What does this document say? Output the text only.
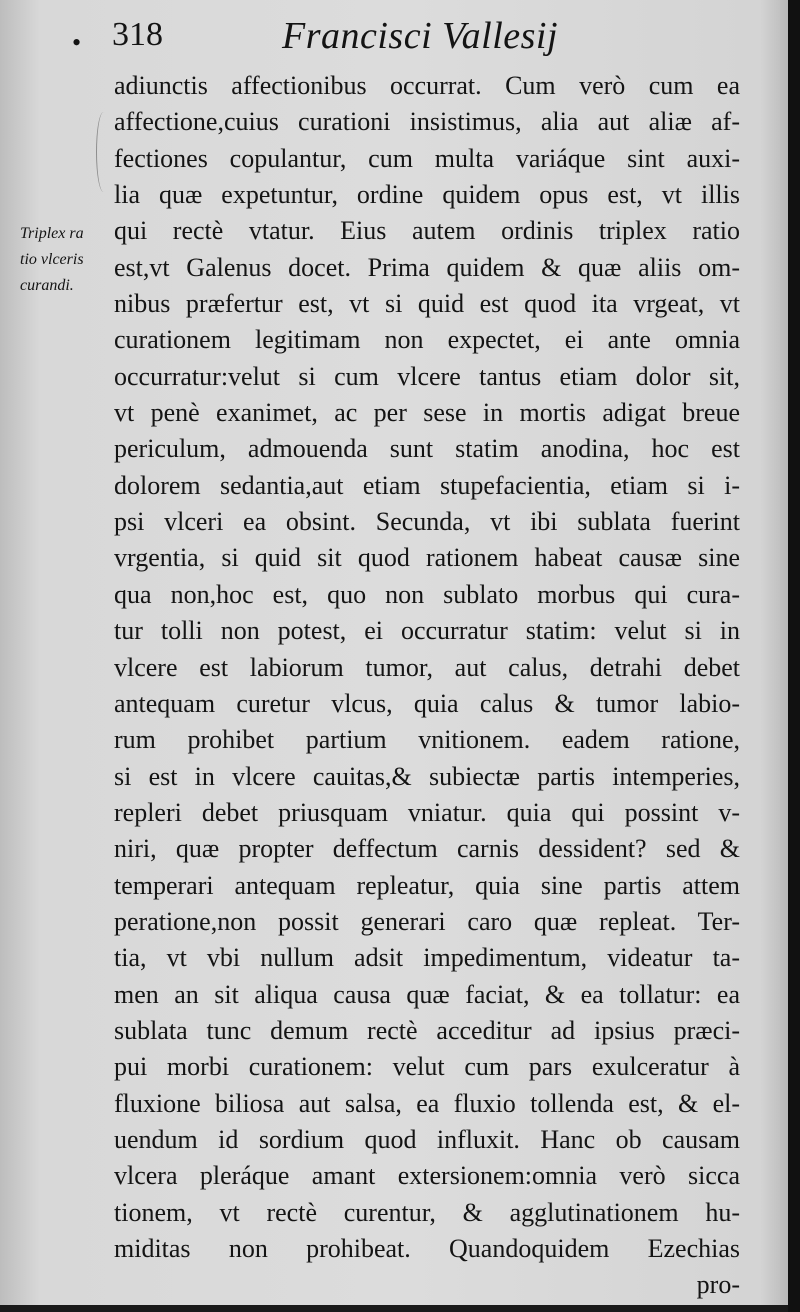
• 318	Francisci Vallesij
Triplex ra
tio vlceris
curandi.
adiunctis affectionibus occurrat. Cum verò cum ea
affectione,cuius curationi insistimus, alia aut aliæ af-
fectiones copulantur, cum multa variáque sint auxi-
lia quæ expetuntur, ordine quidem opus est, vt illis
qui rectè vtatur. Eius autem ordinis triplex ratio
est,vt Galenus docet. Prima quidem & quæ aliis om-
nibus præfertur est, vt si quid est quod ita vrgeat, vt
curationem legitimam non expectet, ei ante omnia
occurratur:velut si cum vlcere tantus etiam dolor sit,
vt penè exanimet, ac per sese in mortis adigat breue
periculum, admouenda sunt statim anodina, hoc est
dolorem sedantia,aut etiam stupefacientia, etiam si i-
psi vlceri ea obsint. Secunda, vt ibi sublata fuerint
vrgentia, si quid sit quod rationem habeat causæ sine
qua non,hoc est, quo non sublato morbus qui cura-
tur tolli non potest, ei occurratur statim: velut si in
vlcere est labiorum tumor, aut calus, detrahi debet
antequam curetur vlcus, quia calus & tumor labio-
rum prohibet partium vnitionem. eadem ratione,
si est in vlcere cauitas,& subiectæ partis intemperies,
repleri debet priusquam vniatur. quia qui possint v-
niri, quæ propter deffectum carnis dessident? sed &
temperari antequam repleatur, quia sine partis attem
peratione,non possit generari caro quæ repleat. Ter-
tia, vt vbi nullum adsit impedimentum, videatur ta-
men an sit aliqua causa quæ faciat, & ea tollatur: ea
sublata tunc demum rectè acceditur ad ipsius præci-
pui morbi curationem: velut cum pars exulceratur à
fluxione biliosa aut salsa, ea fluxio tollenda est, & el-
uendum id sordium quod influxit. Hanc ob causam
vlcera pleráque amant extersionem:omnia verò sicca
tionem, vt rectè curentur, & agglutinationem hu-
miditas non prohibeat. Quandoquidem Ezechias
pro-
